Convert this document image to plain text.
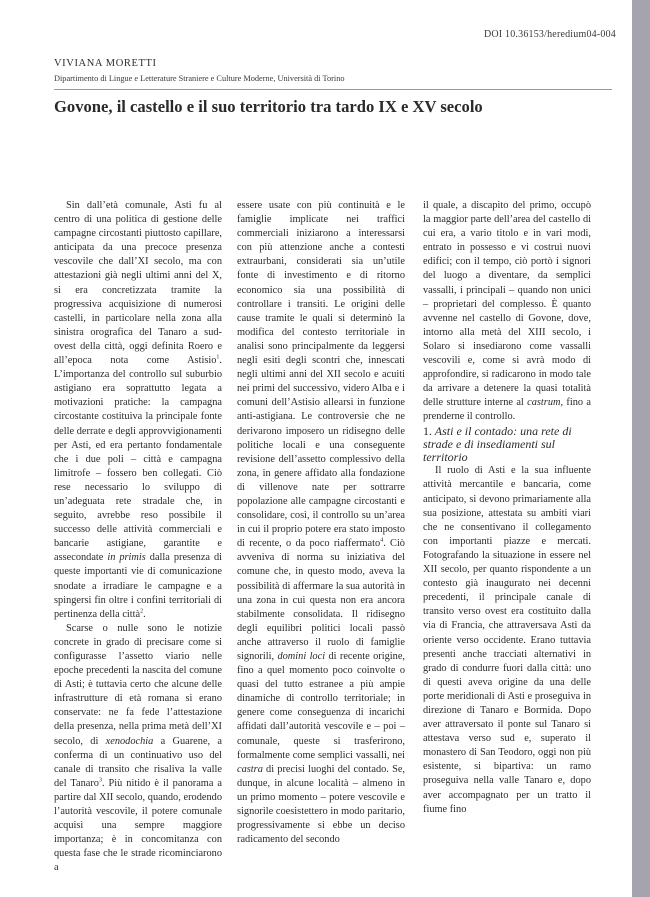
DOI 10.36153/heredium04-004
VIVIANA MORETTI
Dipartimento di Lingue e Letterature Straniere e Culture Moderne, Università di Torino
Govone, il castello e il suo territorio tra tardo IX e XV secolo

Sin dall’età comunale, Asti fu al centro di una politica di gestione delle campagne circostanti piuttosto capillare, anticipata da una precoce presenza vescovile che dall’XI secolo, ma con attestazioni già negli ultimi anni del X, si era concretizzata tramite la progressiva acquisizione di numerosi castelli, in particolare nella zona alla sinistra orografica del Tanaro a sud-ovest della città, oggi definita Roero e all’epoca nota come Astisio$^1$. L’importanza del controllo sul suburbio astigiano era soprattutto legata a motivazioni pratiche: la campagna circostante costituiva la principale fonte delle derrate e degli approvvigionamenti per Asti, ed era pertanto fondamentale che i due poli – città e campagna limitrofe – fossero ben collegati. Ciò rese necessario lo sviluppo di un’adeguata rete stradale che, in seguito, avrebbe reso possibile il successo delle attività commerciali e bancarie astigiane, garantite e assecondate in primis dalla presenza di queste importanti vie di comunicazione snodate a irradiare le campagne e a spingersi fin oltre i confini territoriali di pertinenza della città$^2$.

Scarse o nulle sono le notizie concrete in grado di precisare come si configurasse l’assetto viario nelle epoche precedenti la nascita del comune di Asti; è tuttavia certo che alcune delle infrastrutture di età romana si erano conservate: ne fa fede l’attestazione della presenza, nella prima metà dell’XI secolo, di xenodochia a Guarene, a conferma di un continuativo uso del canale di transito che risaliva la valle del Tanaro$^3$. Più nitido è il panorama a partire dal XII secolo, quando, erodendo l’autorità vescovile, il potere comunale acquisì una sempre maggiore importanza; è in concomitanza con questa fase che le strade ricominciarono a

essere usate con più continuità e le famiglie implicate nei traffici commerciali iniziarono a interessarsi con più attenzione anche a contesti extraurbani, considerati sia un’utile fonte di investimento e di ritorno economico sia una possibilità di controllare i transiti. Le origini delle cause tramite le quali si determinò la modifica del contesto territoriale in analisi sono principalmente da leggersi negli esiti degli scontri che, innescati negli ultimi anni del XII secolo e acuiti nei primi del successivo, videro Alba e i comuni dell’Astisio allearsi in funzione anti-astigiana. Le controversie che ne derivarono imposero un ridisegno delle politiche locali e una conseguente revisione dell’assetto complessivo della zona, in genere affidato alla fondazione di villenove nate per sottrarre popolazione alle campagne circostanti e consolidare, così, il controllo su un’area in cui il proprio potere era stato imposto di recente, o da poco riaffermato$^4$. Ciò avveniva di norma su iniziativa del comune che, in questo modo, aveva la possibilità di affermare la sua autorità in una zona in cui questa non era ancora stabilmente consolidata. Il ridisegno degli equilibri politici locali passò anche attraverso il ruolo di famiglie signorili, domini loci di recente origine, fino a quel momento poco coinvolte o quasi del tutto estranee a più ampie dinamiche di controllo territoriale; in genere come conseguenza di incarichi affidati dall’autorità vescovile e – poi – comunale, queste si trasferirono, formalmente come semplici vassalli, nei castra di precisi luoghi del contado. Se, dunque, in alcune località – almeno in un primo momento – potere vescovile e signorile coesistettero in modo paritario, progressivamente si ebbe un deciso radicamento del secondo

il quale, a discapito del primo, occupò la maggior parte dell’area del castello di cui era, a vario titolo e in vari modi, entrato in possesso e vi costruì nuovi edifici; con il tempo, ciò portò i signori del luogo a diventare, da semplici vassalli, i principali – quando non unici – proprietari del complesso. È quanto avvenne nel castello di Govone, dove, intorno alla metà del XIII secolo, i Solaro si insediarono come vassalli vescovili e, come si avrà modo di approfondire, si radicarono in modo tale da arrivare a detenere la quasi totalità delle strutture interne al castrum, fino a prenderne il controllo.

1. Asti e il contado: una rete di strade e di insediamenti sul territorio

Il ruolo di Asti e la sua influente attività mercantile e bancaria, come anticipato, si devono primariamente alla sua posizione, attestata su ambiti viari che ne consentivano il collegamento con importanti piazze e mercati. Fotografando la situazione in essere nel XII secolo, per quanto rispondente a un contesto già inaugurato nei decenni precedenti, il principale canale di transito verso ovest era costituito dalla via di Francia, che attraversava Asti da oriente verso occidente. Erano tuttavia presenti anche tracciati alternativi in grado di condurre fuori dalla città: uno di questi aveva origine da una delle porte meridionali di Asti e proseguiva in direzione di Tanaro e Bormida. Dopo aver attraversato il ponte sul Tanaro si attestava verso sud e, superato il monastero di San Teodoro, oggi non più esistente, si bipartiva: un ramo proseguiva nella valle Tanaro e, dopo aver accompagnato per un tratto il fiume fino
